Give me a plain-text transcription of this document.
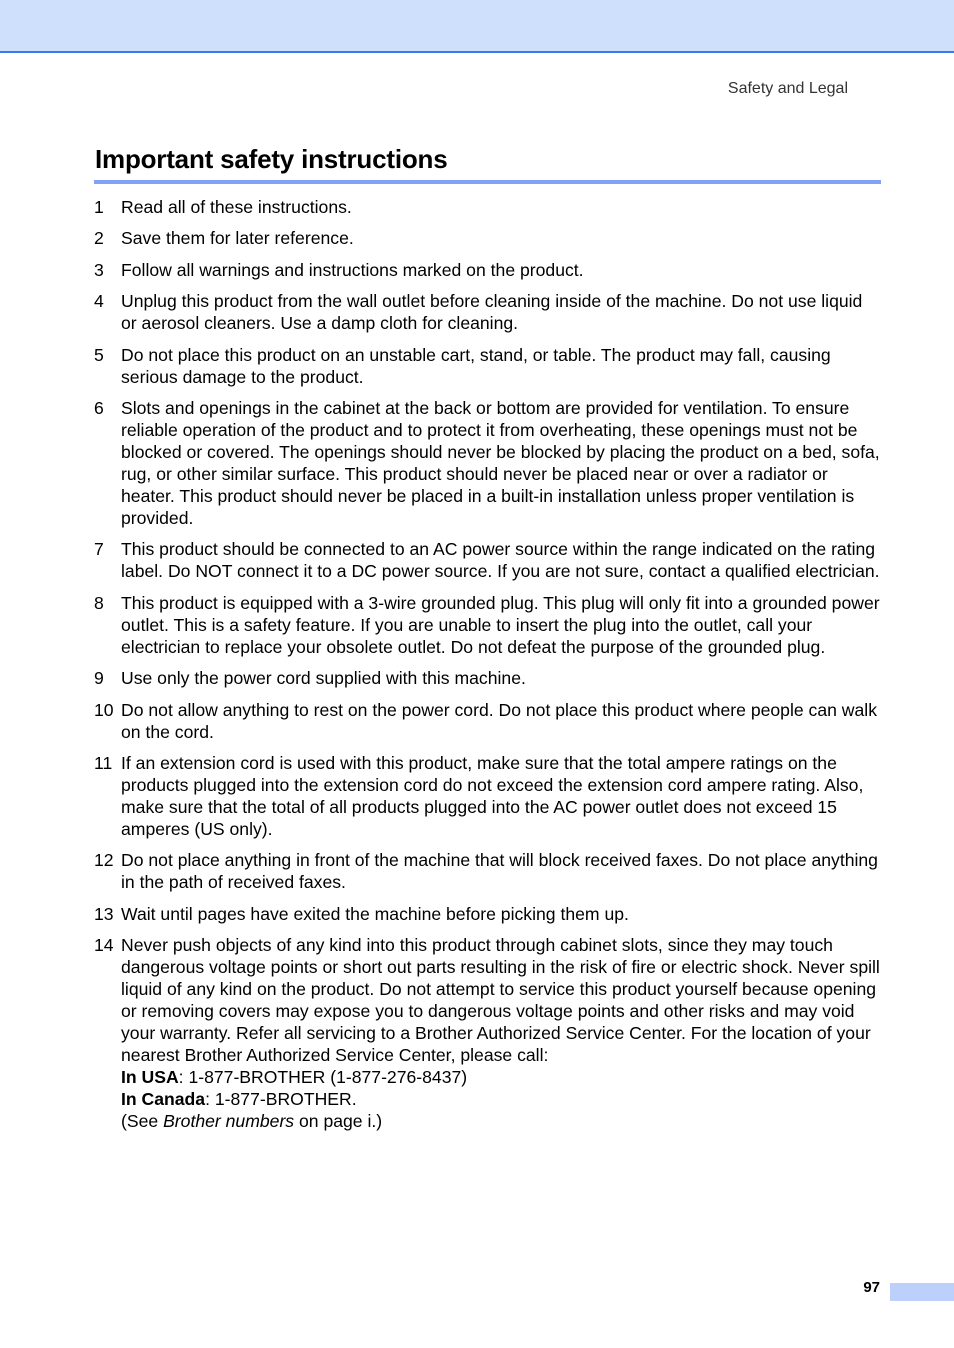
Safety and Legal
Important safety instructions
1 Read all of these instructions.
2 Save them for later reference.
3 Follow all warnings and instructions marked on the product.
4 Unplug this product from the wall outlet before cleaning inside of the machine. Do not use liquid or aerosol cleaners. Use a damp cloth for cleaning.
5 Do not place this product on an unstable cart, stand, or table. The product may fall, causing serious damage to the product.
6 Slots and openings in the cabinet at the back or bottom are provided for ventilation. To ensure reliable operation of the product and to protect it from overheating, these openings must not be blocked or covered. The openings should never be blocked by placing the product on a bed, sofa, rug, or other similar surface. This product should never be placed near or over a radiator or heater. This product should never be placed in a built-in installation unless proper ventilation is provided.
7 This product should be connected to an AC power source within the range indicated on the rating label. Do NOT connect it to a DC power source. If you are not sure, contact a qualified electrician.
8 This product is equipped with a 3-wire grounded plug. This plug will only fit into a grounded power outlet. This is a safety feature. If you are unable to insert the plug into the outlet, call your electrician to replace your obsolete outlet. Do not defeat the purpose of the grounded plug.
9 Use only the power cord supplied with this machine.
10 Do not allow anything to rest on the power cord. Do not place this product where people can walk on the cord.
11 If an extension cord is used with this product, make sure that the total ampere ratings on the products plugged into the extension cord do not exceed the extension cord ampere rating. Also, make sure that the total of all products plugged into the AC power outlet does not exceed 15 amperes (US only).
12 Do not place anything in front of the machine that will block received faxes. Do not place anything in the path of received faxes.
13 Wait until pages have exited the machine before picking them up.
14 Never push objects of any kind into this product through cabinet slots, since they may touch dangerous voltage points or short out parts resulting in the risk of fire or electric shock. Never spill liquid of any kind on the product. Do not attempt to service this product yourself because opening or removing covers may expose you to dangerous voltage points and other risks and may void your warranty. Refer all servicing to a Brother Authorized Service Center. For the location of your nearest Brother Authorized Service Center, please call:
In USA: 1-877-BROTHER (1-877-276-8437)
In Canada: 1-877-BROTHER.
(See Brother numbers on page i.)
97
